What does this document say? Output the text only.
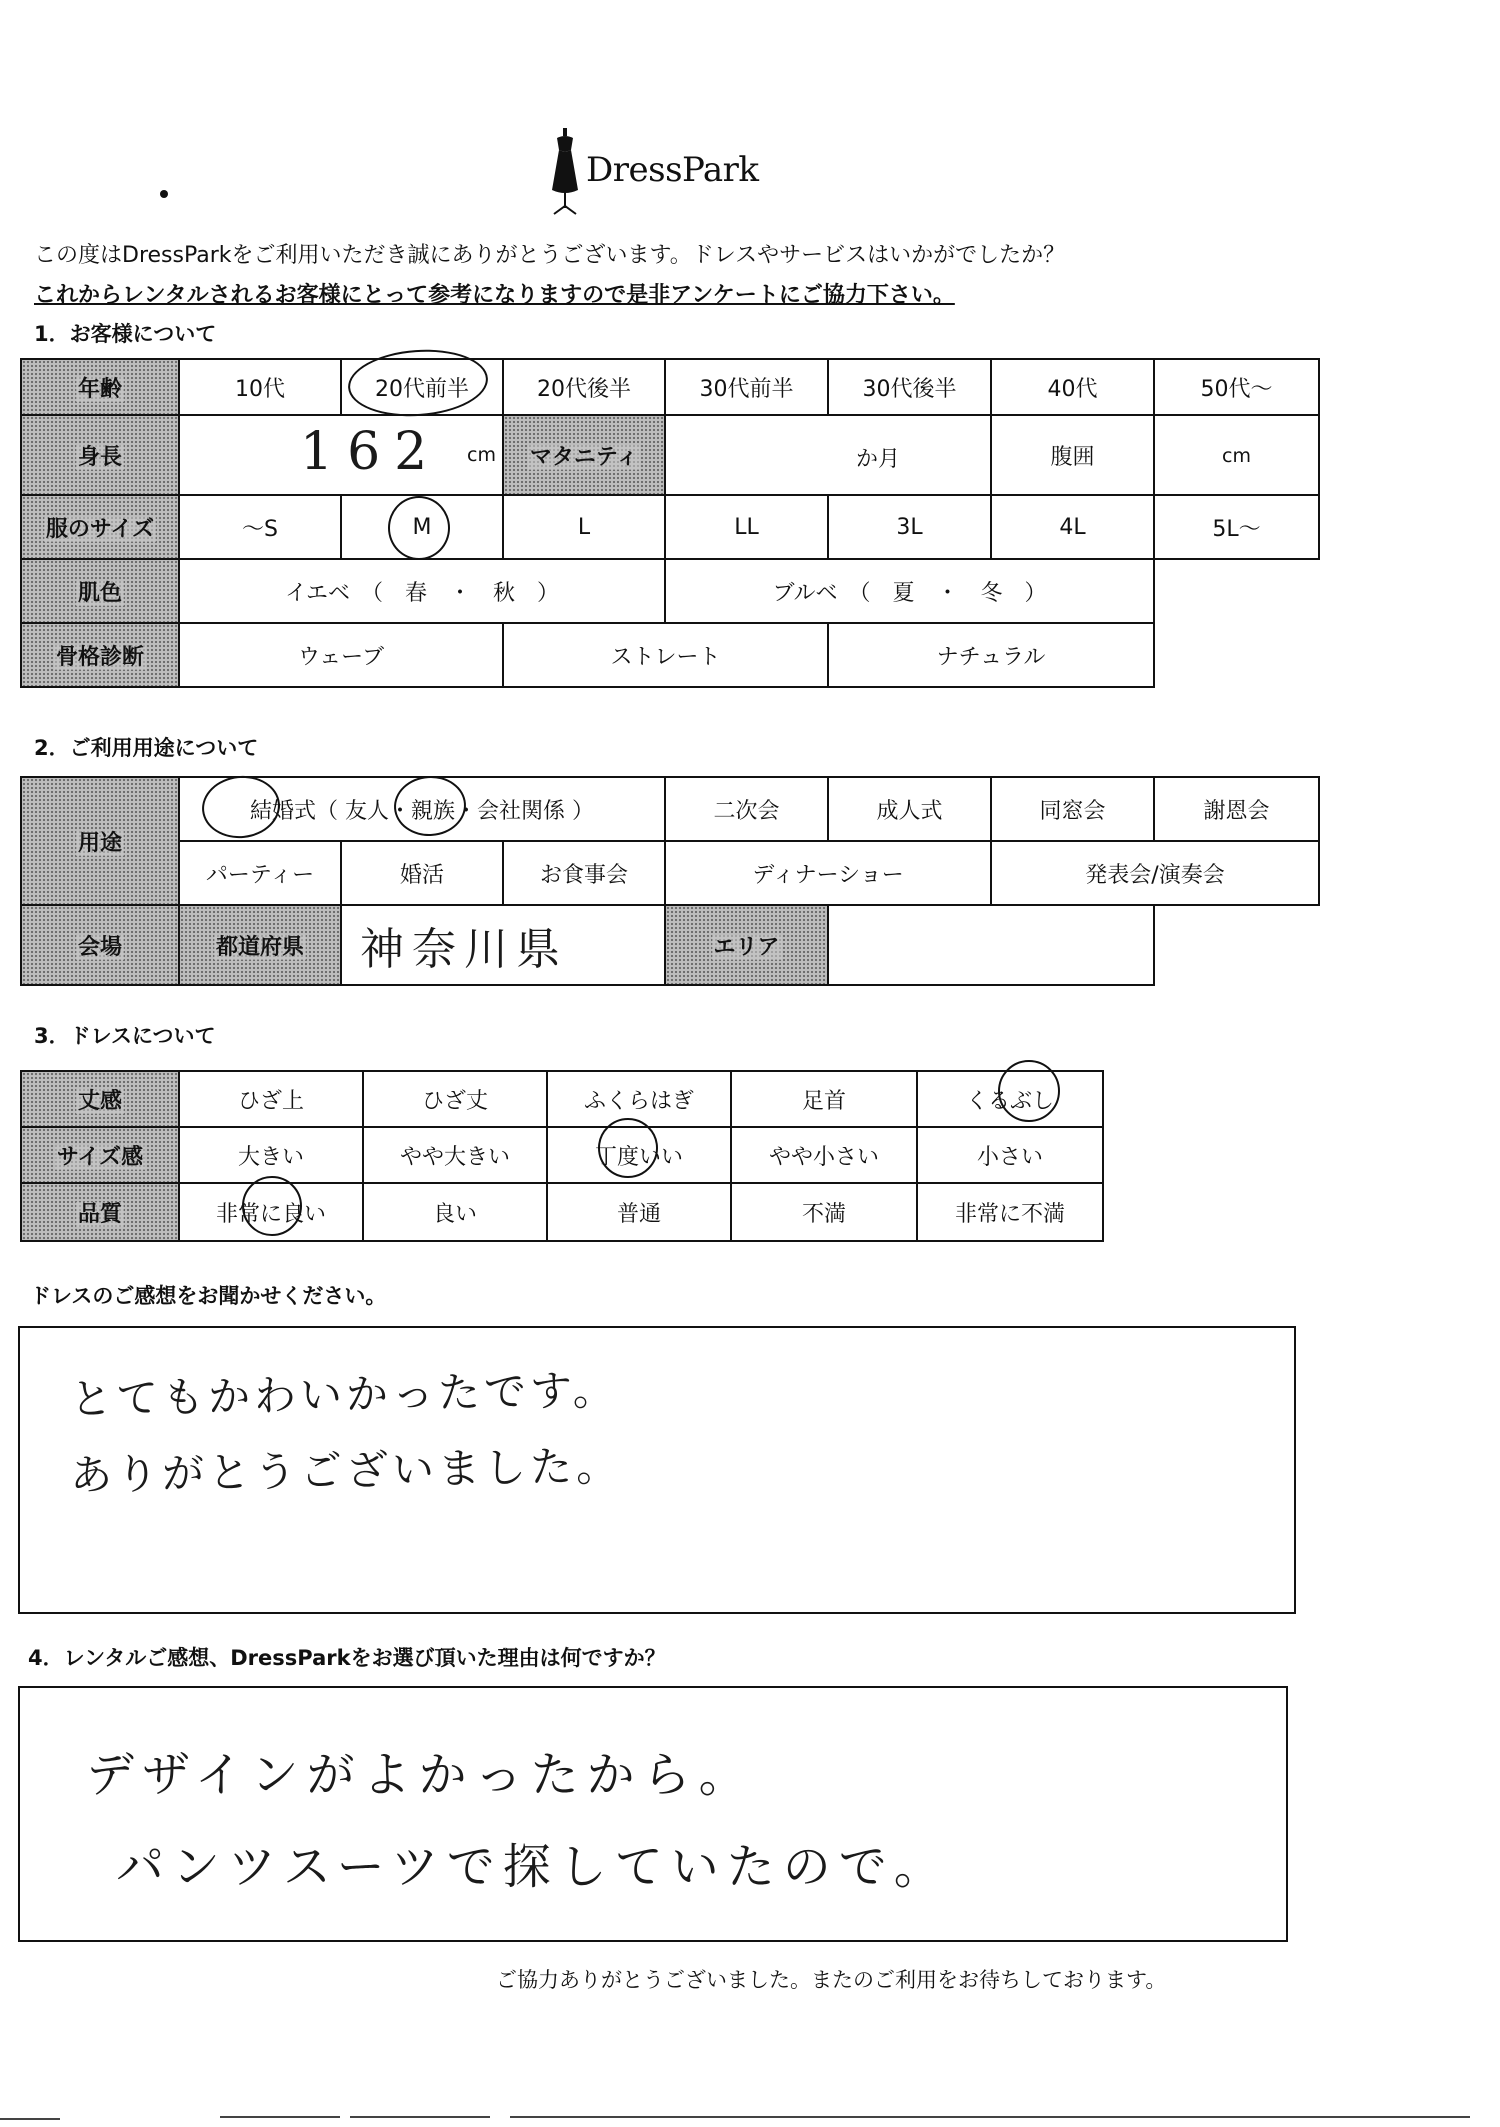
DressPark
この度はDressParkをご利用いただき誠にありがとうございます。ドレスやサービスはいかがでしたか？
これからレンタルされるお客様にとって参考になりますので是非アンケートにご協力下さい。
1．お客様について
年齢	10代	20代前半	20代後半	30代前半	30代後半	40代	50代～
身長	162 cm		マタニティ	か月		腹囲	cm
服のサイズ	～S	M	L	LL	3L	4L	5L～
肌色	イエベ　（　春　・　秋　）			ブルベ　（　夏　・　冬　）			
骨格診断	ウェーブ		ストレート		ナチュラル		
2．ご利用用途について
用途	結婚式（ 友人・親族・会社関係 ）			二次会	成人式	同窓会	謝恩会
	パーティー	婚活	お食事会	ディナーショー		発表会/演奏会	
会場	都道府県	神奈川県		エリア			
3．ドレスについて
丈感	ひざ上	ひざ丈	ふくらはぎ	足首	くるぶし
サイズ感	大きい	やや大きい	丁度いい	やや小さい	小さい
品質	非常に良い	良い	普通	不満	非常に不満
ドレスのご感想をお聞かせください。
とてもかわいかったです。
ありがとうございました。
4．レンタルご感想、DressParkをお選び頂いた理由は何ですか？
デザインがよかったから。
パンツスーツで探していたので。
ご協力ありがとうございました。またのご利用をお待ちしております。
